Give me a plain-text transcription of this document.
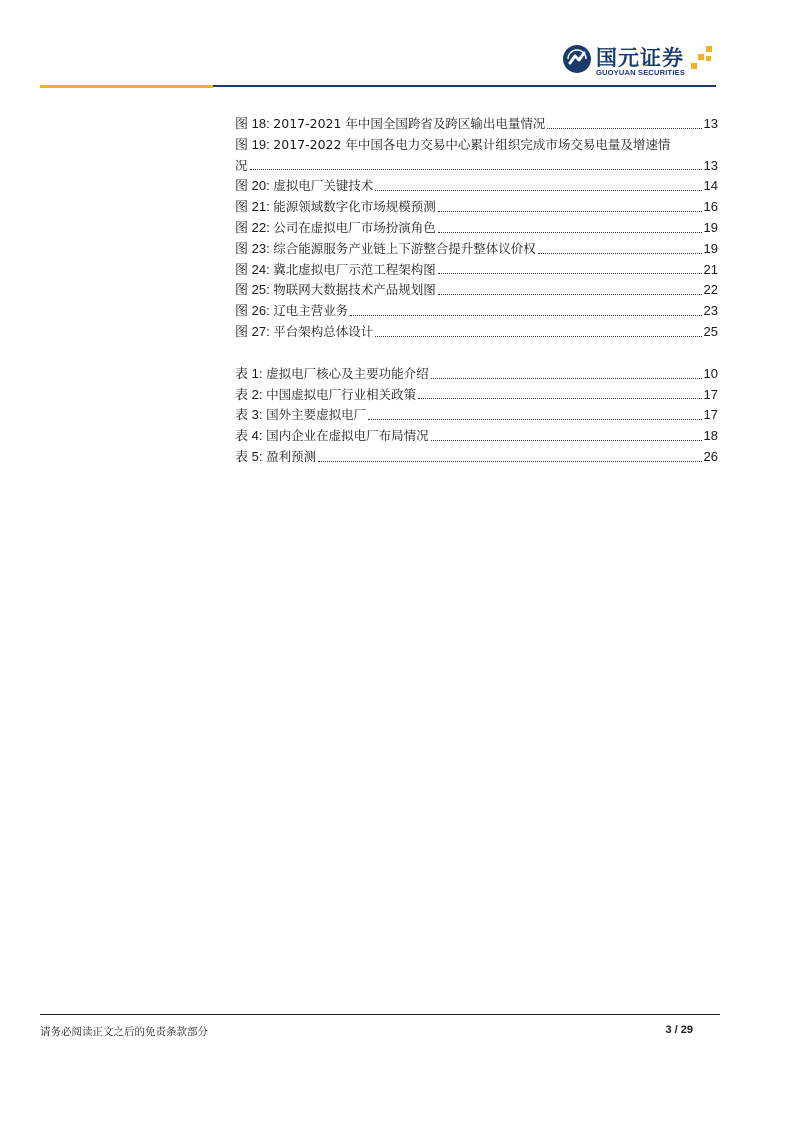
国元证券
GUOYUAN SECURITIES
图 18: 2017-2021 年中国全国跨省及跨区输出电量情况	13
图 19: 2017-2022 年中国各电力交易中心累计组织完成市场交易电量及增速情
况	13
图 20: 虚拟电厂关键技术	14
图 21: 能源领域数字化市场规模预测	16
图 22: 公司在虚拟电厂市场扮演角色	19
图 23: 综合能源服务产业链上下游整合提升整体议价权	19
图 24: 冀北虚拟电厂示范工程架构图	21
图 25: 物联网大数据技术产品规划图	22
图 26: 辽电主营业务	23
图 27: 平台架构总体设计	25
表 1: 虚拟电厂核心及主要功能介绍	10
表 2: 中国虚拟电厂行业相关政策	17
表 3: 国外主要虚拟电厂	17
表 4: 国内企业在虚拟电厂布局情况	18
表 5: 盈利预测	26
请务必阅读正文之后的免责条款部分	3 / 29
